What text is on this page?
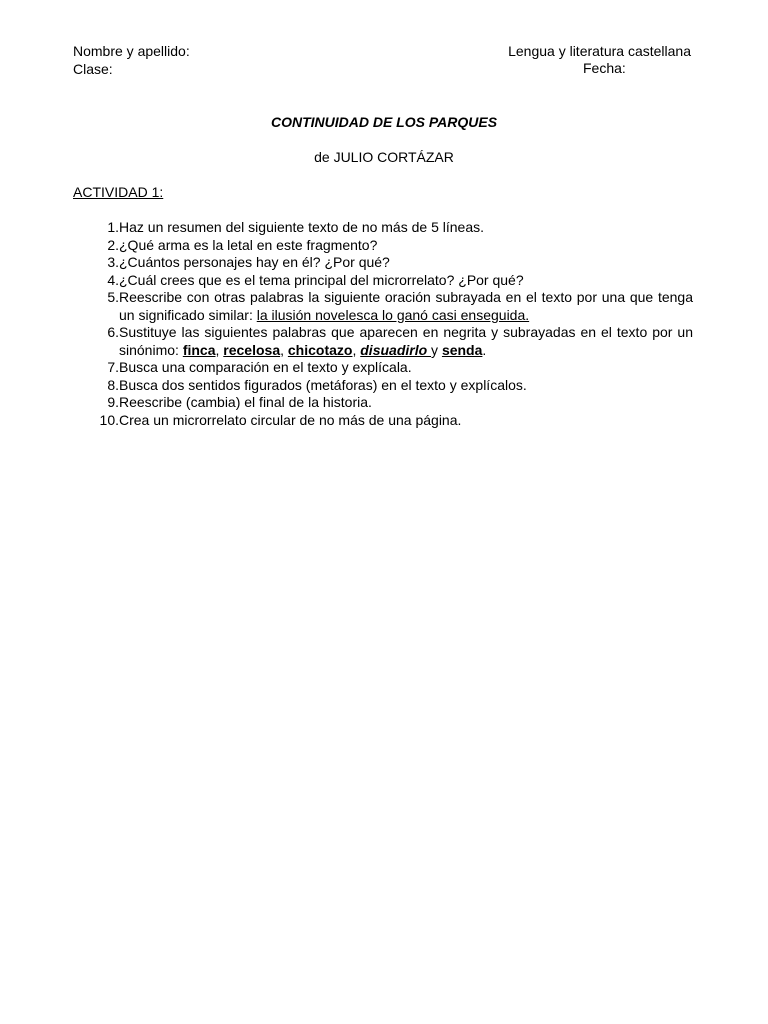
Nombre y apellido:
Clase:
Lengua y literatura castellana
Fecha:
CONTINUIDAD DE LOS PARQUES
de JULIO CORTÁZAR
ACTIVIDAD 1:
1. Haz un resumen del siguiente texto de no más de 5 líneas.
2. ¿Qué arma es la letal en este fragmento?
3. ¿Cuántos personajes hay en él? ¿Por qué?
4. ¿Cuál crees que es el tema principal del microrrelato? ¿Por qué?
5. Reescribe con otras palabras la siguiente oración subrayada en el texto por una que tenga un significado similar: la ilusión novelesca lo ganó casi enseguida.
6. Sustituye las siguientes palabras que aparecen en negrita y subrayadas en el texto por un sinónimo: finca, recelosa, chicotazo, disuadirlo y senda.
7. Busca una comparación en el texto y explícala.
8. Busca dos sentidos figurados (metáforas) en el texto y explícalos.
9. Reescribe (cambia) el final de la historia.
10. Crea un microrrelato circular de no más de una página.
